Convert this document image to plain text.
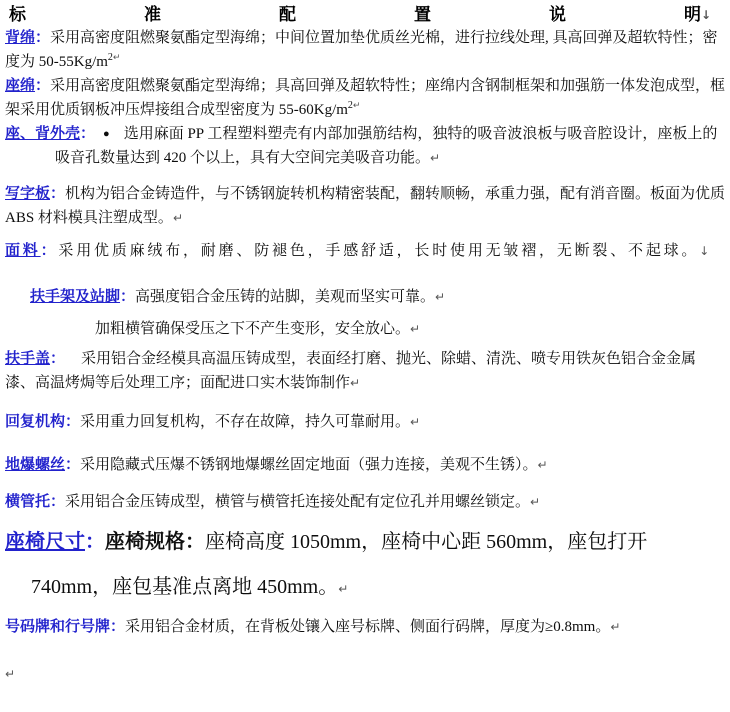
标	准	配	置	说	明 ↓

背绵：采用高密度阻燃聚氨酯定型海绵；中间位置加垫优质丝光棉，进行拉线处理, 具高回弹及超软特性；密度为 $50-55Kg/m^{2↵}$

座绵：采用高密度阻燃聚氨酯定型海绵；具高回弹及超软特性；座绵内含钢制框架和加强筋一体发泡成型，框架采用优质钢板冲压焊接组合成型密度为 $55-60Kg/m^{2↵}$

座、背外壳： ● 选用麻面 PP 工程塑料塑壳有内部加强筋结构，独特的吸音波浪板与吸音腔设计，座板上的吸音孔数量达到 420 个以上，具有大空间完美吸音功能。↵

写字板：机构为铝合金铸造件，与不锈钢旋转机构精密装配，翻转顺畅，承重力强，配有消音圈。板面为优质 ABS 材料模具注塑成型。↵

面料：采用优质麻绒布，耐磨、防褪色，手感舒适，长时使用无皱褶，无断裂、不起球。↓

扶手架及站脚：高强度铝合金压铸的站脚，美观而坚实可靠。↵

加粗横管确保受压之下不产生变形，安全放心。↵

扶手盖： 采用铝合金经模具高温压铸成型，表面经打磨、抛光、除蜡、清洗、喷专用铁灰色铝合金金属漆、高温烤焗等后处理工序；面配进口实木装饰制作↵

回复机构：采用重力回复机构，不存在故障，持久可靠耐用。↵

地爆螺丝：采用隐藏式压爆不锈钢地爆螺丝固定地面（强力连接，美观不生锈）。↵

横管托：采用铝合金压铸成型，横管与横管托连接处配有定位孔并用螺丝锁定。↵

座椅尺寸：座椅规格：座椅高度 1050mm，座椅中心距 560mm，座包打开 740mm，座包基准点离地 450mm。↵

号码牌和行号牌：采用铝合金材质，在背板处镶入座号标牌、侧面行码牌，厚度为≥0.8mm。↵

↵
